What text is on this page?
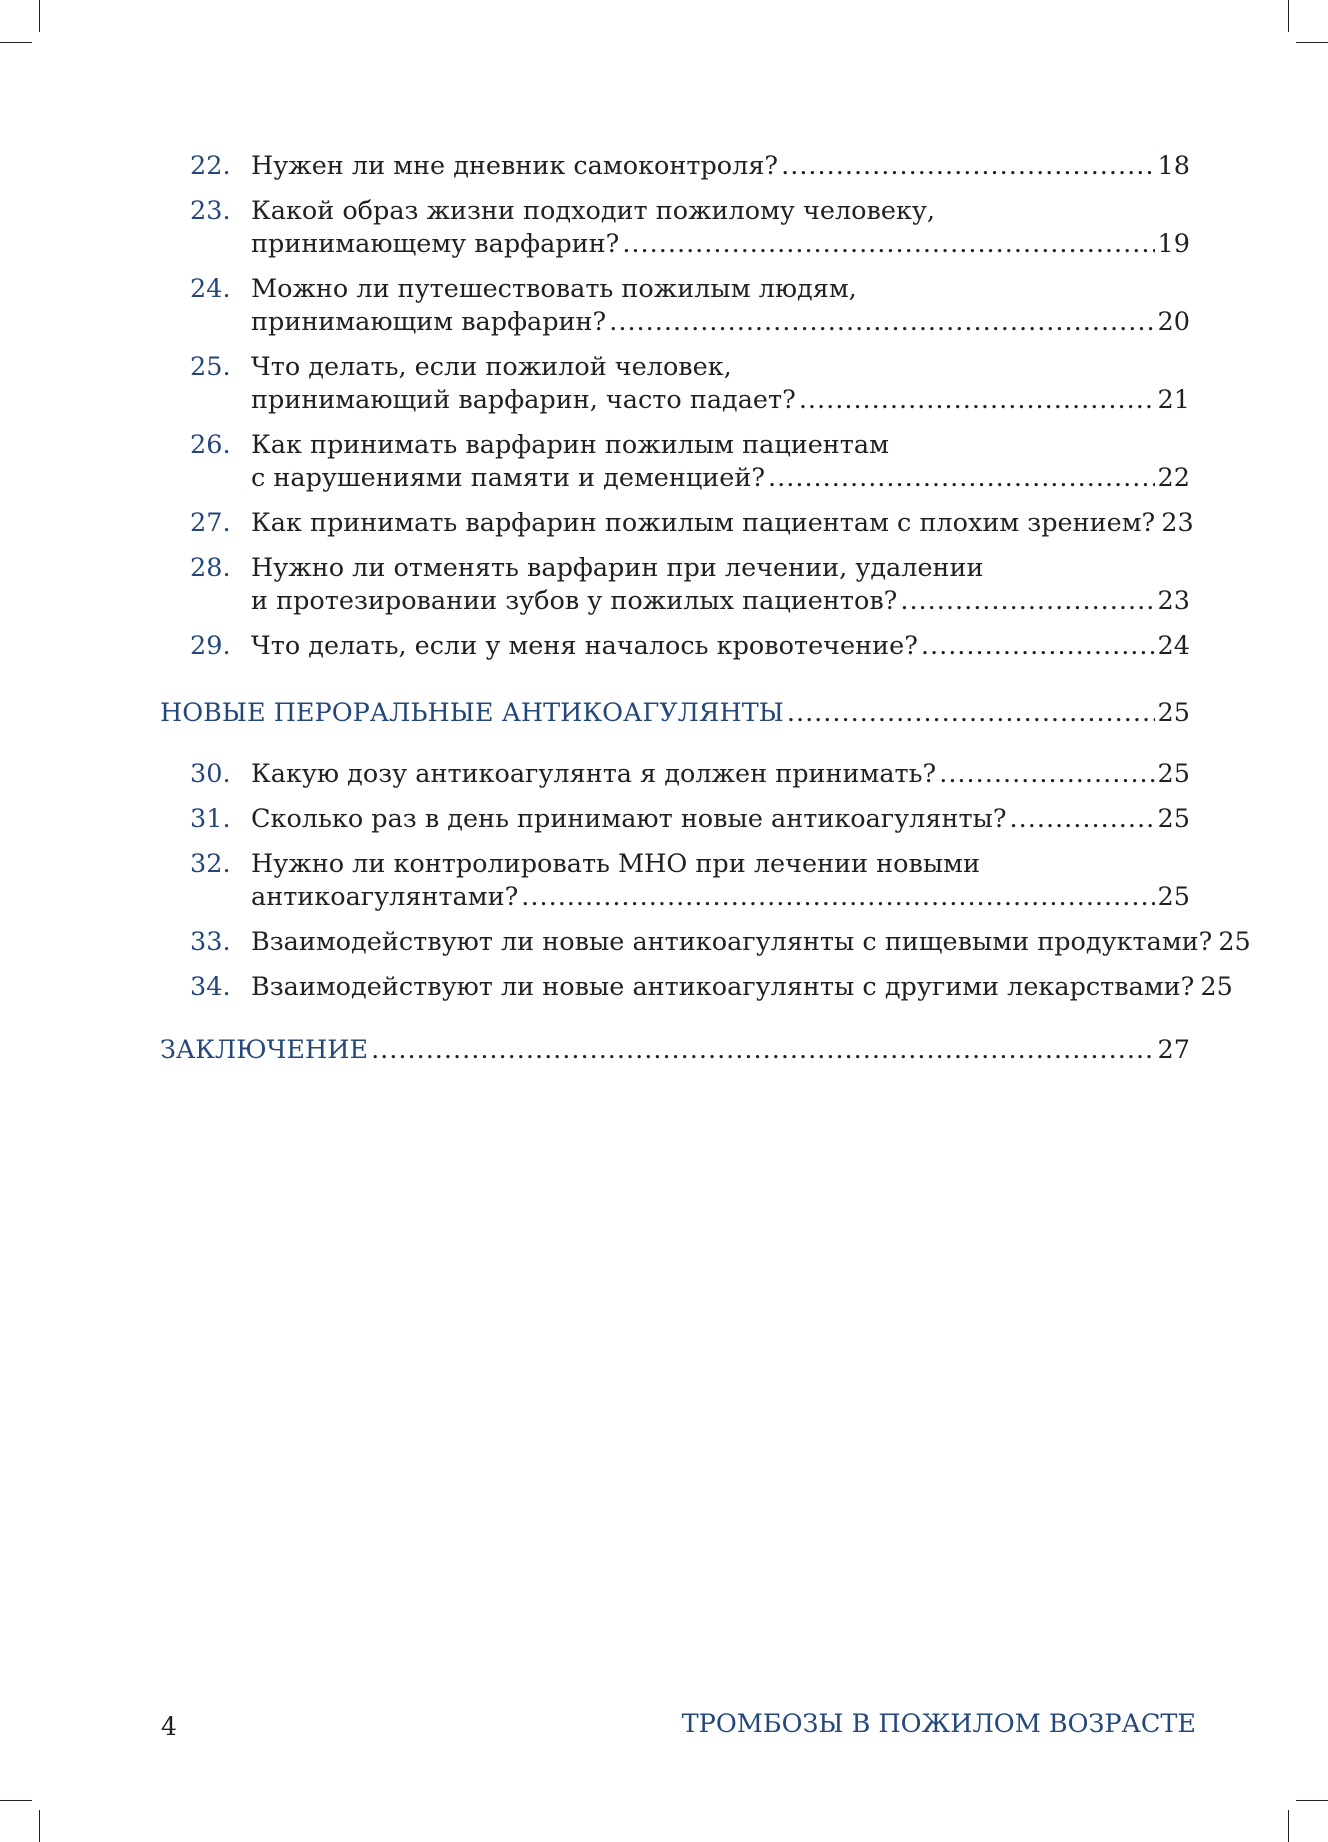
22. Нужен ли мне дневник самоконтроля? .....	18
23. Какой образ жизни подходит пожилому человеку,
принимающему варфарин? .....	19
24. Можно ли путешествовать пожилым людям,
принимающим варфарин? .....	20
25. Что делать, если пожилой человек,
принимающий варфарин, часто падает? .....	21
26. Как принимать варфарин пожилым пациентам
с нарушениями памяти и деменцией? .....	22
27. Как принимать варфарин пожилым пациентам с плохим зрением? 23
28. Нужно ли отменять варфарин при лечении, удалении
и протезировании зубов у пожилых пациентов? .....	23
29. Что делать, если у меня началось кровотечение? .....	24
НОВЫЕ ПЕРОРАЛЬНЫЕ АНТИКОАГУЛЯНТЫ .....	25
30. Какую дозу антикоагулянта я должен принимать? .....	25
31. Сколько раз в день принимают новые антикоагулянты? .....	25
32. Нужно ли контролировать МНО при лечении новыми
антикоагулянтами? .....	25
33. Взаимодействуют ли новые антикоагулянты с пищевыми продуктами? 25
34. Взаимодействуют ли новые антикоагулянты с другими лекарствами? 25
ЗАКЛЮЧЕНИЕ .....	27
4	ТРОМБОЗЫ В ПОЖИЛОМ ВОЗРАСТЕ
